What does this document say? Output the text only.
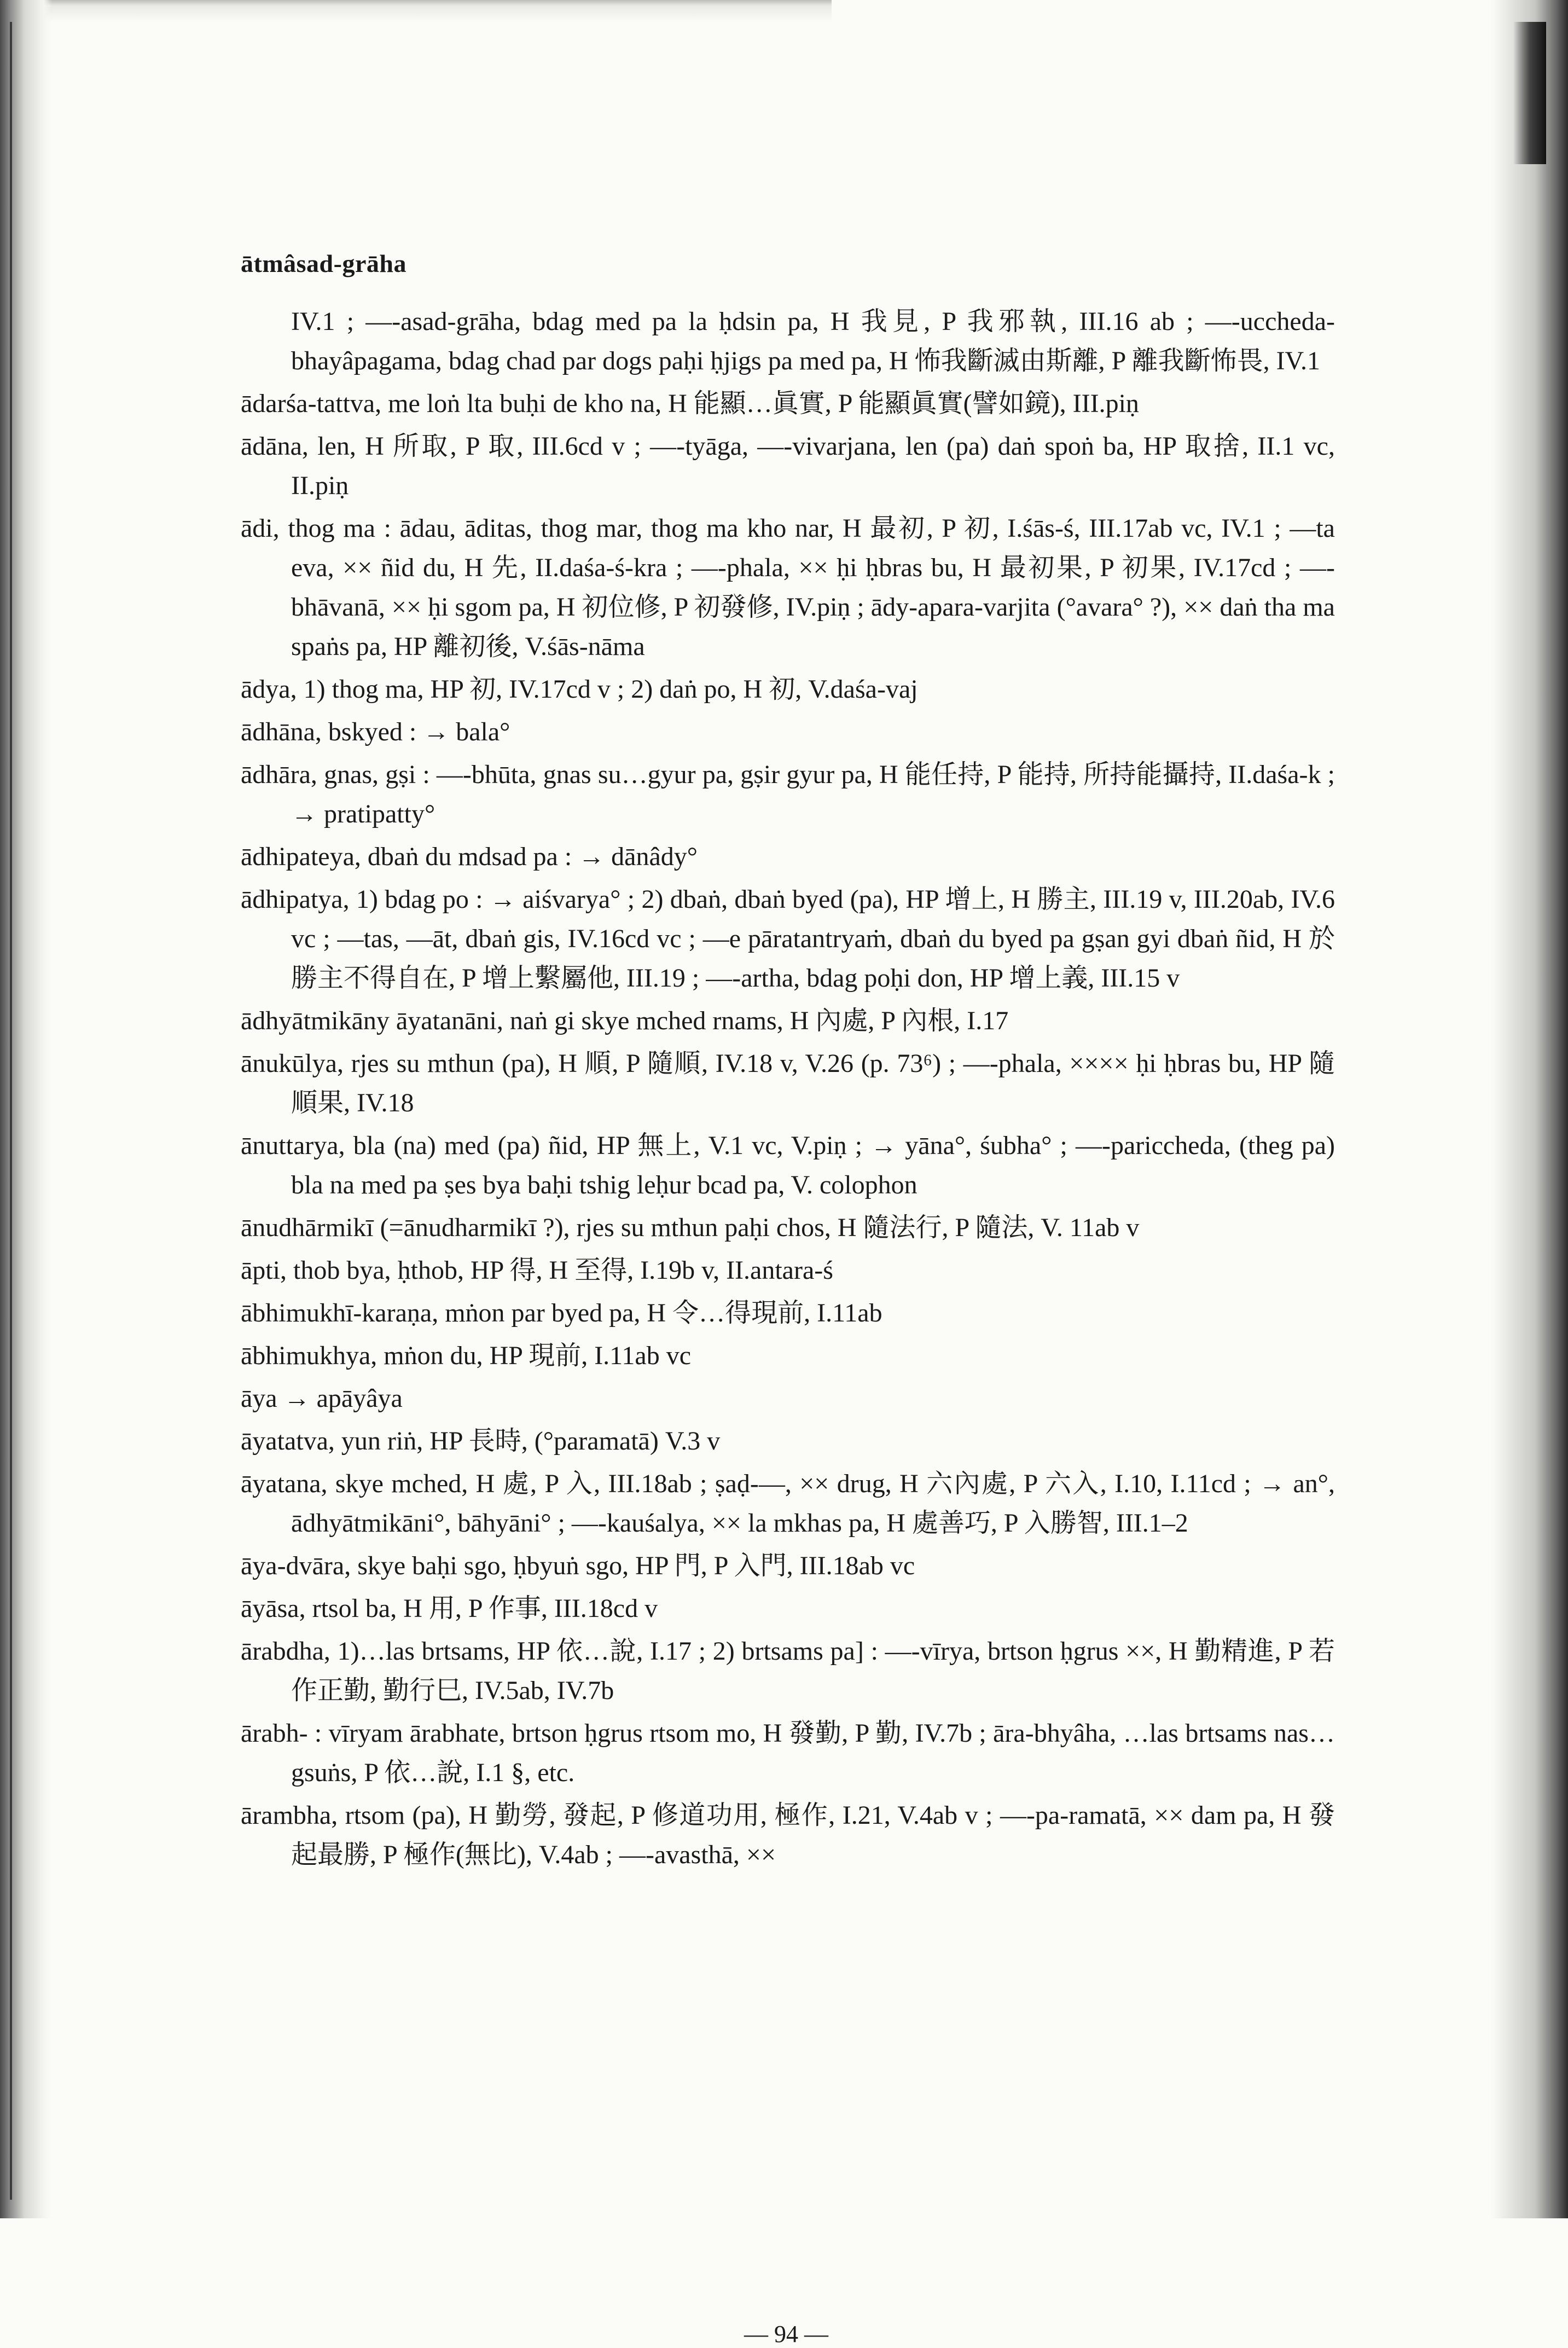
ātmâsad-grāha
IV.1 ; —-asad-grāha, bdag med pa la ḥdsin pa, H 我見, P 我邪執, III.16 ab ; —-uccheda-bhayâpagama, bdag chad par dogs paḥi ḥjigs pa med pa, H 怖我斷滅由斯離, P 離我斷怖畏, IV.1
ādarśa-tattva, me loṅ lta buḥi de kho na, H 能顯…眞實, P 能顯眞實(譬如鏡), III.piṇ
ādāna, len, H 所取, P 取, III.6cd v ; —-tyāga, —-vivarjana, len (pa) daṅ spoṅ ba, HP 取捨, II.1 vc, II.piṇ
ādi, thog ma : ādau, āditas, thog mar, thog ma kho nar, H 最初, P 初, I.śās-ś, III.17ab vc, IV.1 ; —ta eva, ×× ñid du, H 先, II.daśa-ś-kra ; —-phala, ×× ḥi ḥbras bu, H 最初果, P 初果, IV.17cd ; —-bhāvanā, ×× ḥi sgom pa, H 初位修, P 初發修, IV.piṇ ; ādy-apara-varjita (°avara° ?), ×× daṅ tha ma spaṅs pa, HP 離初後, V.śās-nāma
ādya, 1) thog ma, HP 初, IV.17cd v ; 2) daṅ po, H 初, V.daśa-vaj
ādhāna, bskyed : → bala°
ādhāra, gnas, gṣi : —-bhūta, gnas su…gyur pa, gṣir gyur pa, H 能任持, P 能持, 所持能攝持, II.daśa-k ; → pratipatty°
ādhipateya, dbaṅ du mdsad pa : → dānâdy°
ādhipatya, 1) bdag po : → aiśvarya° ; 2) dbaṅ, dbaṅ byed (pa), HP 增上, H 勝主, III.19 v, III.20ab, IV.6 vc ; —tas, —āt, dbaṅ gis, IV.16cd vc ; —e pāratantryaṁ, dbaṅ du byed pa gṣan gyi dbaṅ ñid, H 於勝主不得自在, P 增上繫屬他, III.19 ; —-artha, bdag poḥi don, HP 增上義, III.15 v
ādhyātmikāny āyatanāni, naṅ gi skye mched rnams, H 內處, P 內根, I.17
ānukūlya, rjes su mthun (pa), H 順, P 隨順, IV.18 v, V.26 (p. 73⁶) ; —-phala, ×××× ḥi ḥbras bu, HP 隨順果, IV.18
ānuttarya, bla (na) med (pa) ñid, HP 無上, V.1 vc, V.piṇ ; → yāna°, śubha° ; —-pariccheda, (theg pa) bla na med pa ṣes bya baḥi tshig leḥur bcad pa, V. colophon
ānudhārmikī (=ānudharmikī ?), rjes su mthun paḥi chos, H 隨法行, P 隨法, V. 11ab v
āpti, thob bya, ḥthob, HP 得, H 至得, I.19b v, II.antara-ś
ābhimukhī-karaṇa, mṅon par byed pa, H 令…得現前, I.11ab
ābhimukhya, mṅon du, HP 現前, I.11ab vc
āya → apāyâya
āyatatva, yun riṅ, HP 長時, (°paramatā) V.3 v
āyatana, skye mched, H 處, P 入, III.18ab ; ṣaḍ-—, ×× drug, H 六內處, P 六入, I.10, I.11cd ; → an°, ādhyātmikāni°, bāhyāni° ; —-kauśalya, ×× la mkhas pa, H 處善巧, P 入勝智, III.1–2
āya-dvāra, skye baḥi sgo, ḥbyuṅ sgo, HP 門, P 入門, III.18ab vc
āyāsa, rtsol ba, H 用, P 作事, III.18cd v
ārabdha, 1)…las brtsams, HP 依…說, I.17 ; 2) brtsams pa] : —-vīrya, brtson ḥgrus ××, H 勤精進, P 若作正勤, 勤行巳, IV.5ab, IV.7b
ārabh- : vīryam ārabhate, brtson ḥgrus rtsom mo, H 發勤, P 勤, IV.7b ; āra-bhyâha, …las brtsams nas…gsuṅs, P 依…說, I.1 §, etc.
ārambha, rtsom (pa), H 勤勞, 發起, P 修道功用, 極作, I.21, V.4ab v ; —-pa-ramatā, ×× dam pa, H 發起最勝, P 極作(無比), V.4ab ; —-avasthā, ××
— 94 —
